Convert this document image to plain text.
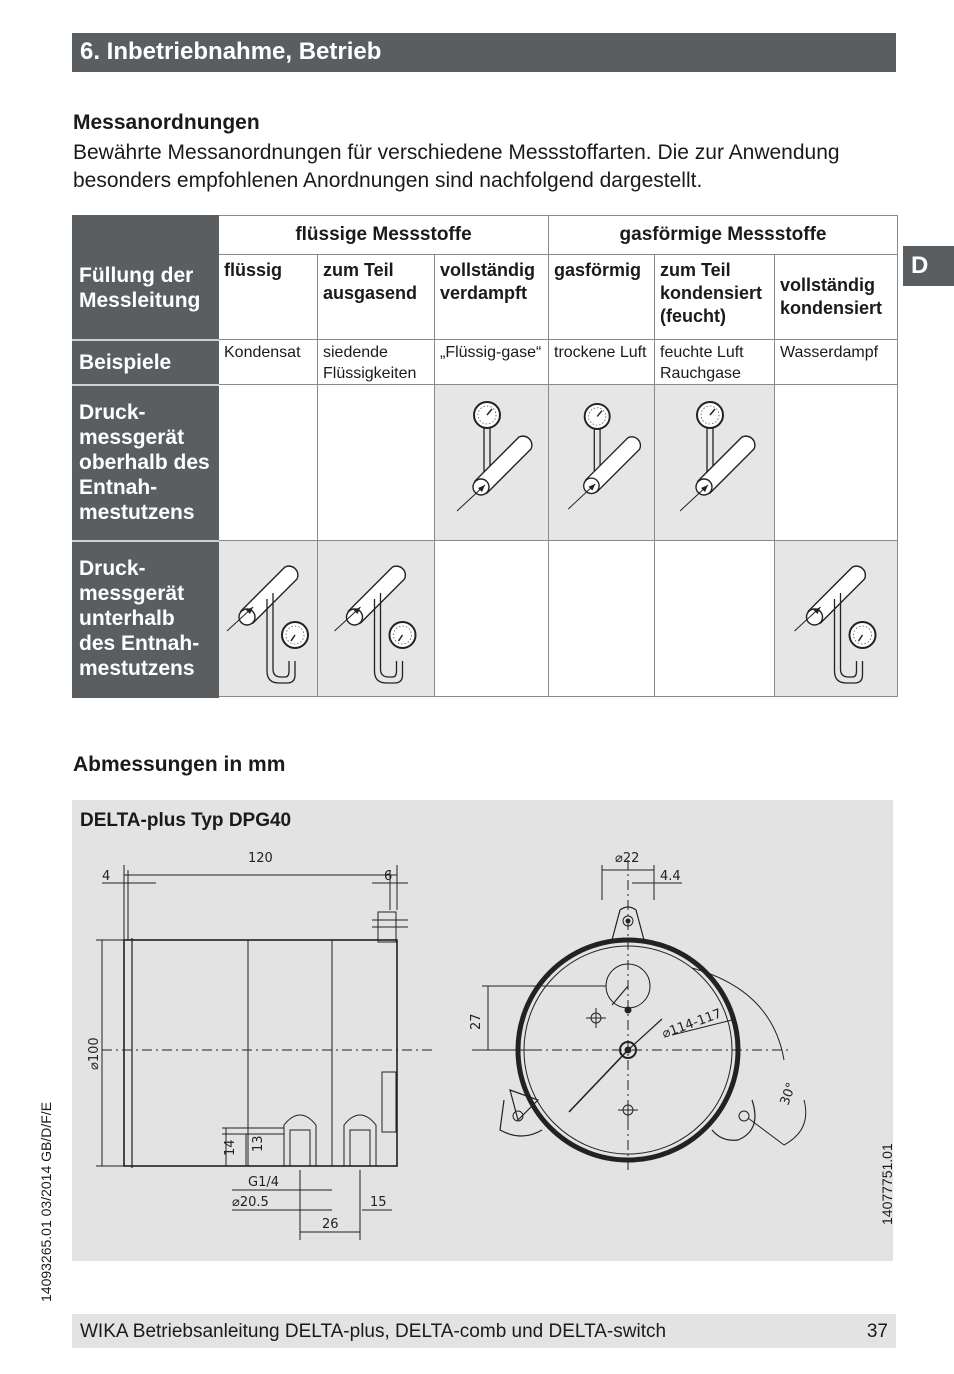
6. Inbetriebnahme, Betrieb
D
Messanordnungen
Bewährte Messanordnungen für verschiedene Messstoffarten. Die zur Anwendung besonders empfohlenen Anordnungen sind nachfolgend dargestellt.
Füllung der Messleitung	flüssige Messstoffe			gasförmige Messstoffe		
	flüssig	zum Teil ausgasend	vollständig verdampft	gasförmig	zum Teil kondensiert (feucht)	vollständig kondensiert
Beispiele	Kondensat	siedende Flüssigkeiten	„Flüssig-gase“	trockene Luft	feuchte Luft Rauchgase	Wasserdampf
Druckmessgerät oberhalb des Entnahmestutzens			

Druckmessgerät unterhalb des Entnahmestutzens	

Abmessungen in mm
DELTA-plus Typ DPG40
120
4	6
⌀100
14 13
G1/4
⌀20.5	15
26
⌀22
4.4
27	⌀114-117
30°
14077751.01
14093265.01 03/2014 GB/D/F/E
WIKA Betriebsanleitung DELTA-plus, DELTA-comb und DELTA-switch	37
